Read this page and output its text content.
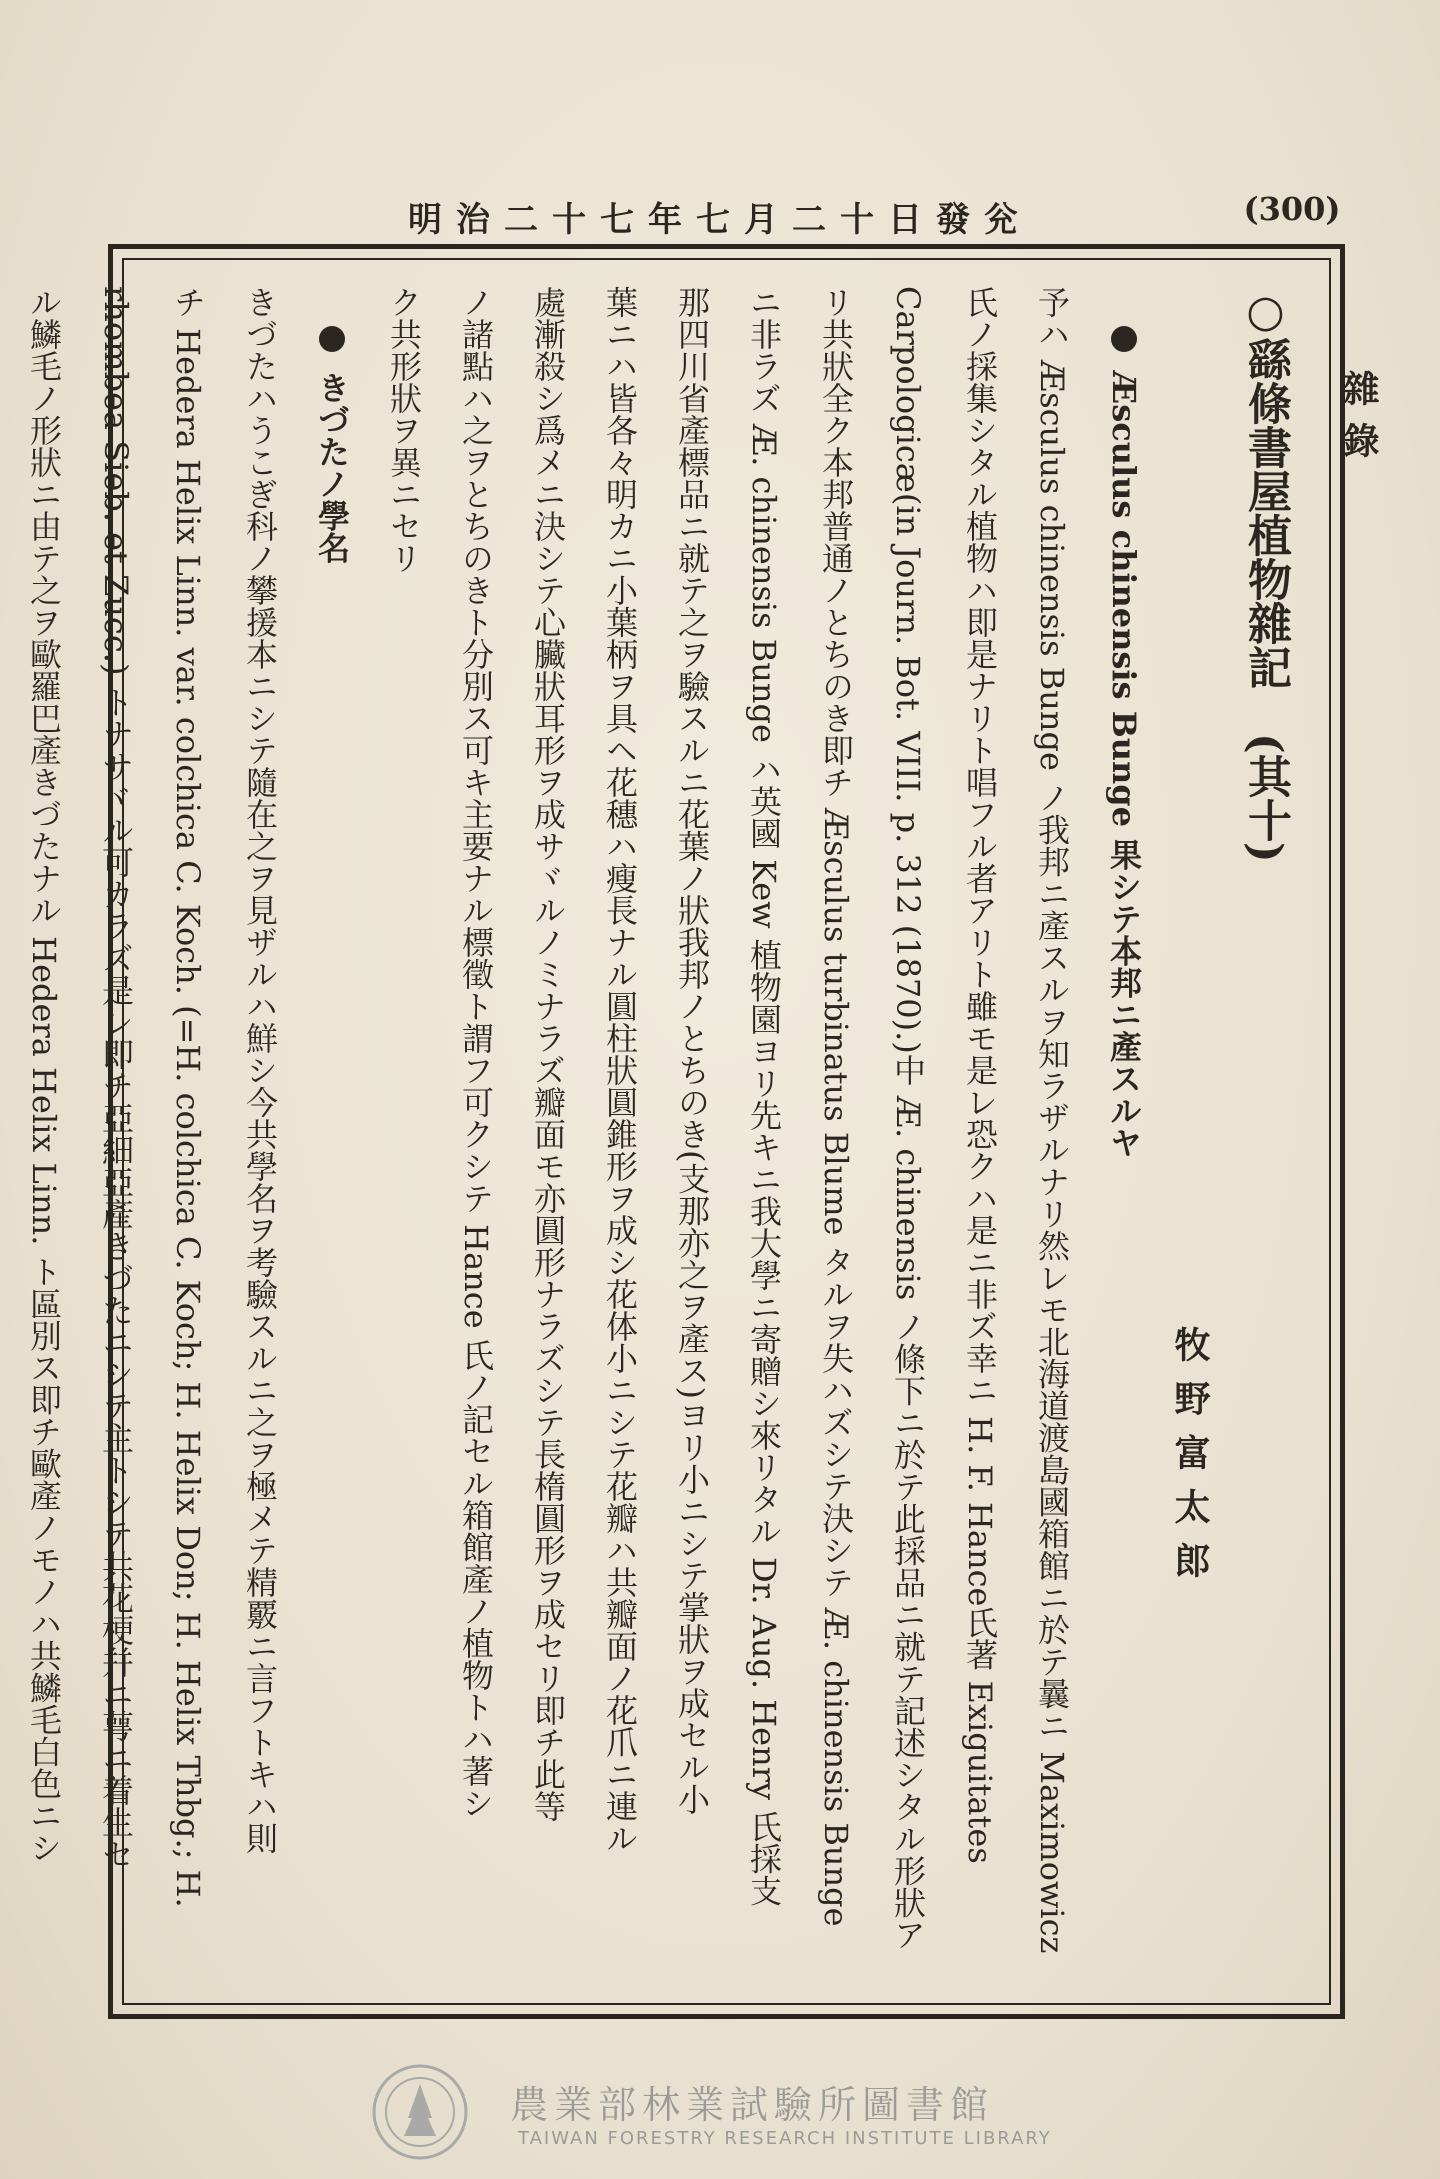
明治二十七年七月二十日發兊	(300)
雜錄
○繇條書屋植物雜記　(其十)
牧野富太郎
Æsculus chinensis Bunge 果シテ本邦ニ產スルヤ
予ハ Æsculus chinensis Bunge ノ我邦ニ產スルヲ知ラザルナリ然レモ北海道渡島國箱館ニ於テ曩ニ Maximowicz
氏ノ採集シタル植物ハ即是ナリト唱フル者アリト雖モ是レ恐クハ是ニ非ズ幸ニ H. F. Hance氏著 Exiguitates
Carpologicæ(in Journ. Bot. VIII. p. 312 (1870).)中 Æ. chinensis ノ條下ニ於テ此採品ニ就テ記述シタル形狀ア
リ共狀全ク本邦普通ノとちのき即チ Æsculus turbinatus Blume タルヲ失ハズシテ決シテ Æ. chinensis Bunge
ニ非ラズ Æ. chinensis Bunge ハ英國 Kew 植物園ヨリ先キニ我大學ニ寄贈シ來リタル Dr. Aug. Henry 氏採支
那四川省產標品ニ就テ之ヲ驗スルニ花葉ノ狀我邦ノとちのき(支那亦之ヲ產ス)ヨリ小ニシテ掌狀ヲ成セル小
葉ニハ皆各々明カニ小葉柄ヲ具ヘ花穗ハ瘦長ナル圓柱狀圓錐形ヲ成シ花体小ニシテ花瓣ハ共瓣面ノ花爪ニ連ル
處漸殺シ爲メニ決シテ心臟狀耳形ヲ成サヾルノミナラズ瓣面モ亦圓形ナラズシテ長楕圓形ヲ成セリ即チ此等
ノ諸點ハ之ヲとちのきト分別ス可キ主要ナル標徵ト謂フ可クシテ Hance 氏ノ記セル箱館產ノ植物トハ著シ
ク共形狀ヲ異ニセリ
きづたノ學名
きづたハうこぎ科ノ攀援本ニシテ隨在之ヲ見ザルハ鮮シ今共學名ヲ考驗スルニ之ヲ極メテ精覈ニ言フトキハ則
チ Hedera Helix Linn. var. colchica C. Koch. (=H. colchica C. Koch; H. Helix Don; H. Helix Thbg.; H.
rhombea Sieb. et Zucc.) トナサヾル可カラズ是レ即チ亞細亞產きづたニシテ主トシテ共花梗幷ニ萼ニ着生セ
ル鱗毛ノ形狀ニ由テ之ヲ歐羅巴產きづたナル Hedera Helix Linn. ト區別ス即チ歐產ノモノハ共鱗毛白色ニシ
農業部林業試驗所圖書館
TAIWAN FORESTRY RESEARCH INSTITUTE LIBRARY
